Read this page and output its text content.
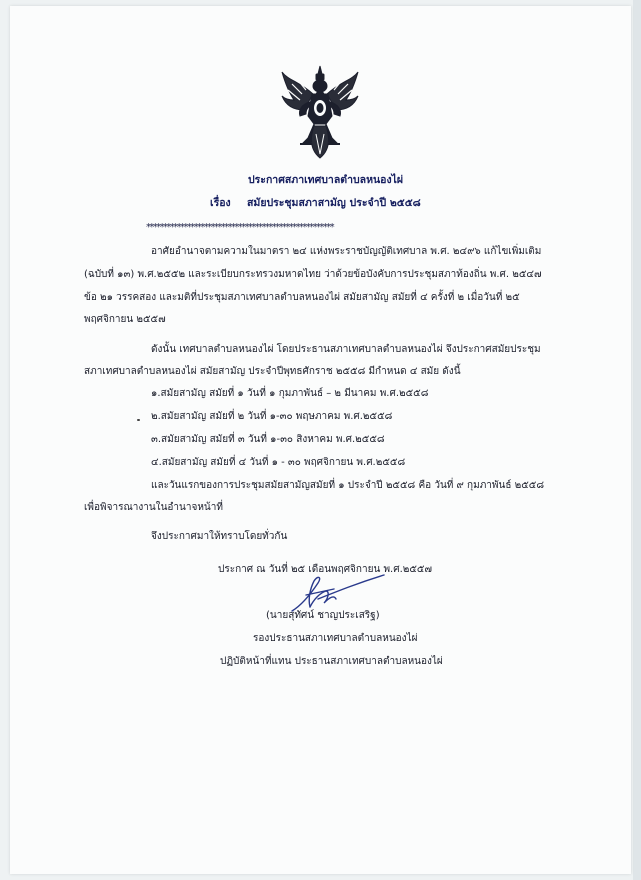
ประกาศสภาเทศบาลตำบลหนองไผ่
เรื่อง สมัยประชุมสภาสามัญ ประจำปี ๒๕๕๘
*******************************************************
อาศัยอำนาจตามความในมาตรา ๒๔ แห่งพระราชบัญญัติเทศบาล พ.ศ. ๒๔๙๖ แก้ไขเพิ่มเติม
(ฉบับที่ ๑๓) พ.ศ.๒๕๕๒ และระเบียบกระทรวงมหาดไทย ว่าด้วยข้อบังคับการประชุมสภาท้องถิ่น พ.ศ. ๒๕๔๗
ข้อ ๒๑ วรรคสอง และมติที่ประชุมสภาเทศบาลตำบลหนองไผ่ สมัยสามัญ สมัยที่ ๔ ครั้งที่ ๒ เมื่อวันที่ ๒๕
พฤศจิกายน ๒๕๕๗
ดังนั้น เทศบาลตำบลหนองไผ่ โดยประธานสภาเทศบาลตำบลหนองไผ่ จึงประกาศสมัยประชุม
สภาเทศบาลตำบลหนองไผ่ สมัยสามัญ ประจำปีพุทธศักราช ๒๕๕๘ มีกำหนด ๔ สมัย ดังนี้
๑.สมัยสามัญ สมัยที่ ๑ วันที่ ๑ กุมภาพันธ์ – ๒ มีนาคม พ.ศ.๒๕๕๘
๒.สมัยสามัญ สมัยที่ ๒ วันที่ ๑-๓๐ พฤษภาคม พ.ศ.๒๕๕๘
๓.สมัยสามัญ สมัยที่ ๓ วันที่ ๑-๓๐ สิงหาคม พ.ศ.๒๕๕๘
๔.สมัยสามัญ สมัยที่ ๔ วันที่ ๑ - ๓๐ พฤศจิกายน พ.ศ.๒๕๕๘
และวันแรกของการประชุมสมัยสามัญสมัยที่ ๑ ประจำปี ๒๕๕๘ คือ วันที่ ๙ กุมภาพันธ์ ๒๕๕๘
เพื่อพิจารณางานในอำนาจหน้าที่
จึงประกาศมาให้ทราบโดยทั่วกัน
ประกาศ ณ วันที่ ๒๕ เดือนพฤศจิกายน พ.ศ.๒๕๕๗
(นายสุทัศน์ ชาญประเสริฐ)
รองประธานสภาเทศบาลตำบลหนองไผ่
ปฏิบัติหน้าที่แทน ประธานสภาเทศบาลตำบลหนองไผ่
